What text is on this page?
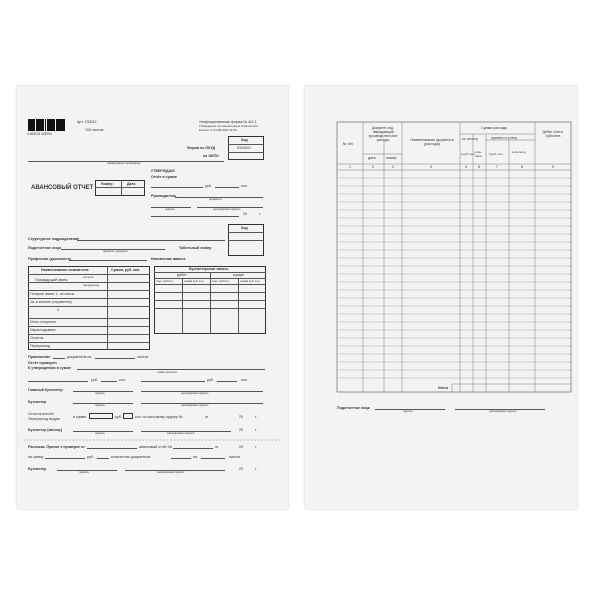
4 606224 005294
Арт. 130012
100 листов
Унифицированная форма № АО-1
Утверждена постановлением Госкомстата
России от 01.08.2001 № 55
Код
Форма по ОКУД	0310001
по ОКПО
наименование организации
УТВЕРЖДАЮ
Отчёт в сумме
руб.	коп.
Руководитель
должность
подпись	расшифровка подписи
20	г.
Номер	Дата
АВАНСОВЫЙ ОТЧЕТ
Код
Структурное подразделение
Подотчетное лицо
фамилия, инициалы
Табельный номер
Профессия (должность)	Назначение аванса
Наименование показателя	Сумма, руб. коп.
остаток
Предыдущий аванс
перерасход
Получен аванс 1. из кассы
1а. в валюте (справочно)
2.
Итого получено
Израсходовано
Остаток
Перерасход
Бухгалтерская запись
дебет	кредит
счет, субсчет	сумма руб. коп.	счет, субсчет	сумма руб. коп.
Приложение	документов на	листах
Отчёт проверен.
К утверждению в сумме
сумма прописью
руб.	коп.	руб.	коп.
Главный бухгалтер
подпись	расшифровка подписи
Бухгалтер
подпись	расшифровка подписи
Остаток внесён
Перерасход выдан	в сумме	руб.	коп. по кассовому ордеру №	от	20	г.
Бухгалтер (кассир)	20	г.
подпись	расшифровка подписи
Расписка. Принят к проверке от	авансовый отчёт №	от	20	г.
на сумму	руб.	количество документов	на	листах
Бухгалтер	20	г.
подпись	расшифровка подписи
№ п/п
Документ, под-тверждающий производствен-ные расходы
дата	номер
Наименование документа (расхода)
Сумма расхода
по отчету	принято к учету
в руб. коп. в ва-люте	в руб. коп.	в ва-люте
Дебет счета, субсчета
1	2	3	4	5	6	7	8	9
Итого
Подотчетное лицо
подпись	расшифровка подписи
